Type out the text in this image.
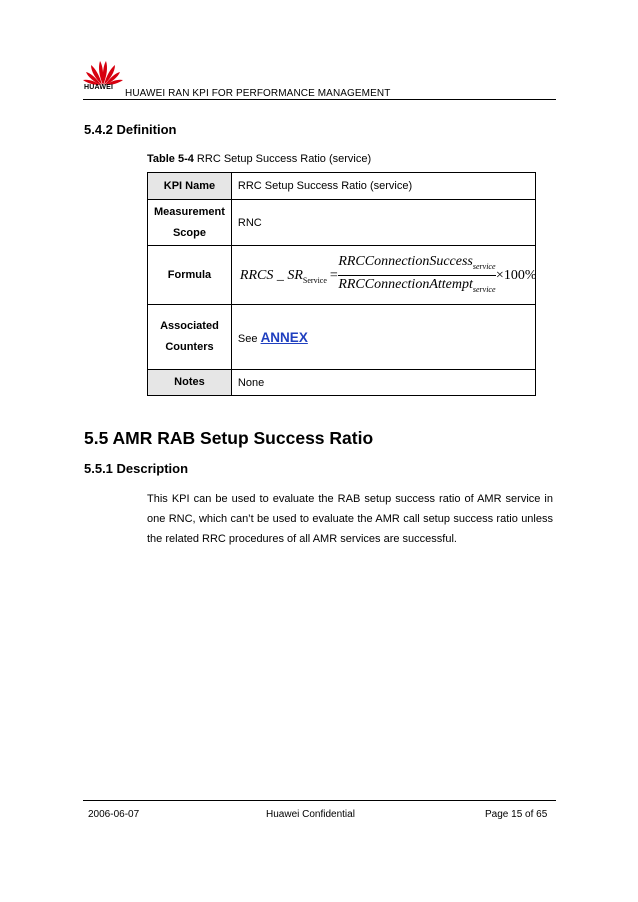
HUAWEI
HUAWEI RAN KPI FOR PERFORMANCE MANAGEMENT
5.4.2 Definition
Table 5-4 RRC Setup Success Ratio (service)
KPI Name	RRC Setup Success Ratio (service)
Measurement
Scope	RNC
Formula	RRCS _ $SR_{Service}$ =
RRCConnectionSuccess$_{service}$
RRCConnectionAttempt$_{service}$
×100%

Associated
Counters	See ANNEX
Notes	None
5.5 AMR RAB Setup Success Ratio
5.5.1 Description
This KPI can be used to evaluate the RAB setup success ratio of AMR service in one RNC, which can’t be used to evaluate the AMR call setup success ratio unless the related RRC procedures of all AMR services are successful.
2006-06-07	Huawei Confidential	Page 15 of 65
